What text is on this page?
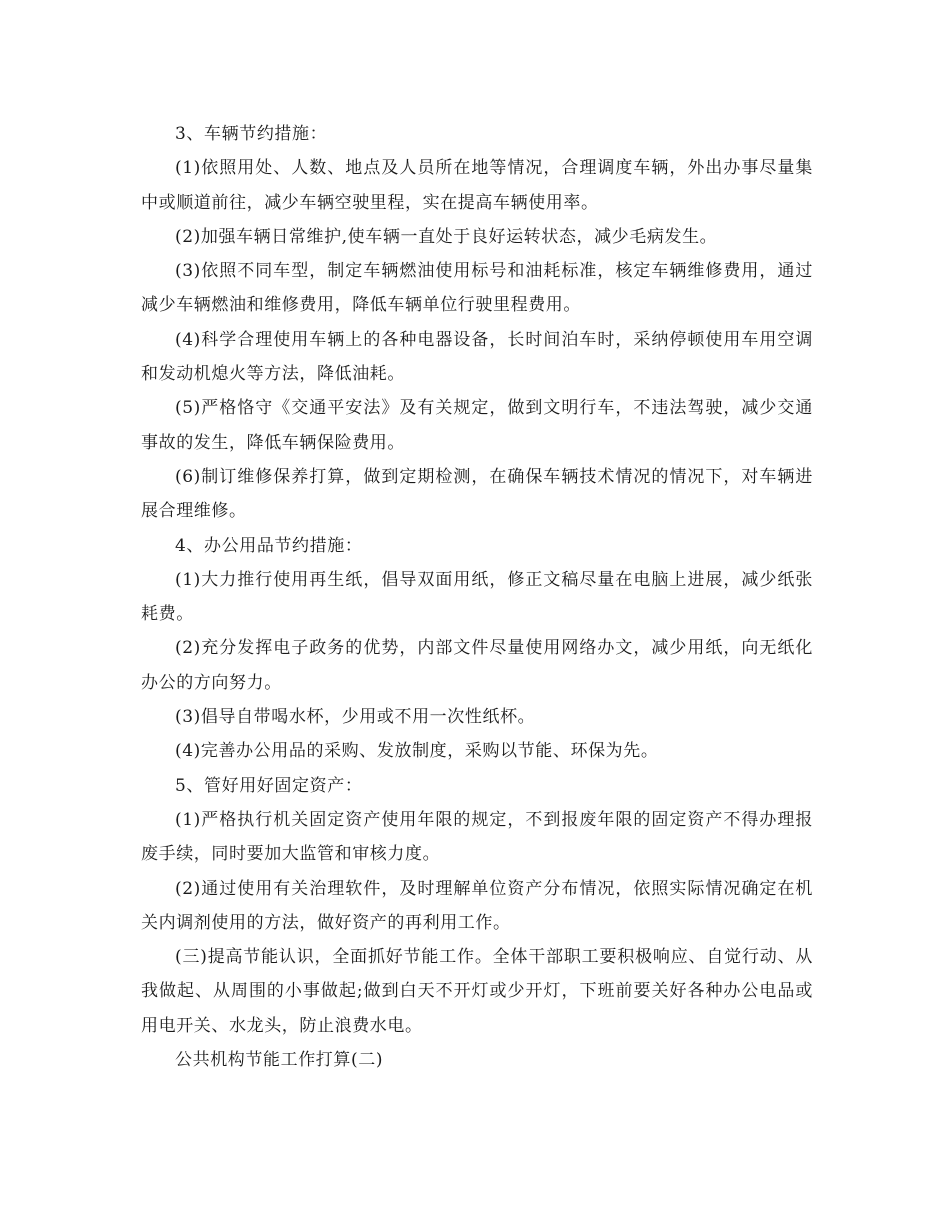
3、车辆节约措施：

(1)依照用处、人数、地点及人员所在地等情况，合理调度车辆，外出办事尽量集中或顺道前往，减少车辆空驶里程，实在提高车辆使用率。

(2)加强车辆日常维护,使车辆一直处于良好运转状态，减少毛病发生。

(3)依照不同车型，制定车辆燃油使用标号和油耗标准，核定车辆维修费用，通过减少车辆燃油和维修费用，降低车辆单位行驶里程费用。

(4)科学合理使用车辆上的各种电器设备，长时间泊车时，采纳停顿使用车用空调和发动机熄火等方法，降低油耗。

(5)严格恪守《交通平安法》及有关规定，做到文明行车，不违法驾驶，减少交通事故的发生，降低车辆保险费用。

(6)制订维修保养打算，做到定期检测，在确保车辆技术情况的情况下，对车辆进展合理维修。

4、办公用品节约措施：

(1)大力推行使用再生纸，倡导双面用纸，修正文稿尽量在电脑上进展，减少纸张耗费。

(2)充分发挥电子政务的优势，内部文件尽量使用网络办文，减少用纸，向无纸化办公的方向努力。

(3)倡导自带喝水杯，少用或不用一次性纸杯。

(4)完善办公用品的采购、发放制度，采购以节能、环保为先。

5、管好用好固定资产：

(1)严格执行机关固定资产使用年限的规定，不到报废年限的固定资产不得办理报废手续，同时要加大监管和审核力度。

(2)通过使用有关治理软件，及时理解单位资产分布情况，依照实际情况确定在机关内调剂使用的方法，做好资产的再利用工作。

(三)提高节能认识，全面抓好节能工作。全体干部职工要积极响应、自觉行动、从我做起、从周围的小事做起;做到白天不开灯或少开灯，下班前要关好各种办公电品或用电开关、水龙头，防止浪费水电。

公共机构节能工作打算(二)
